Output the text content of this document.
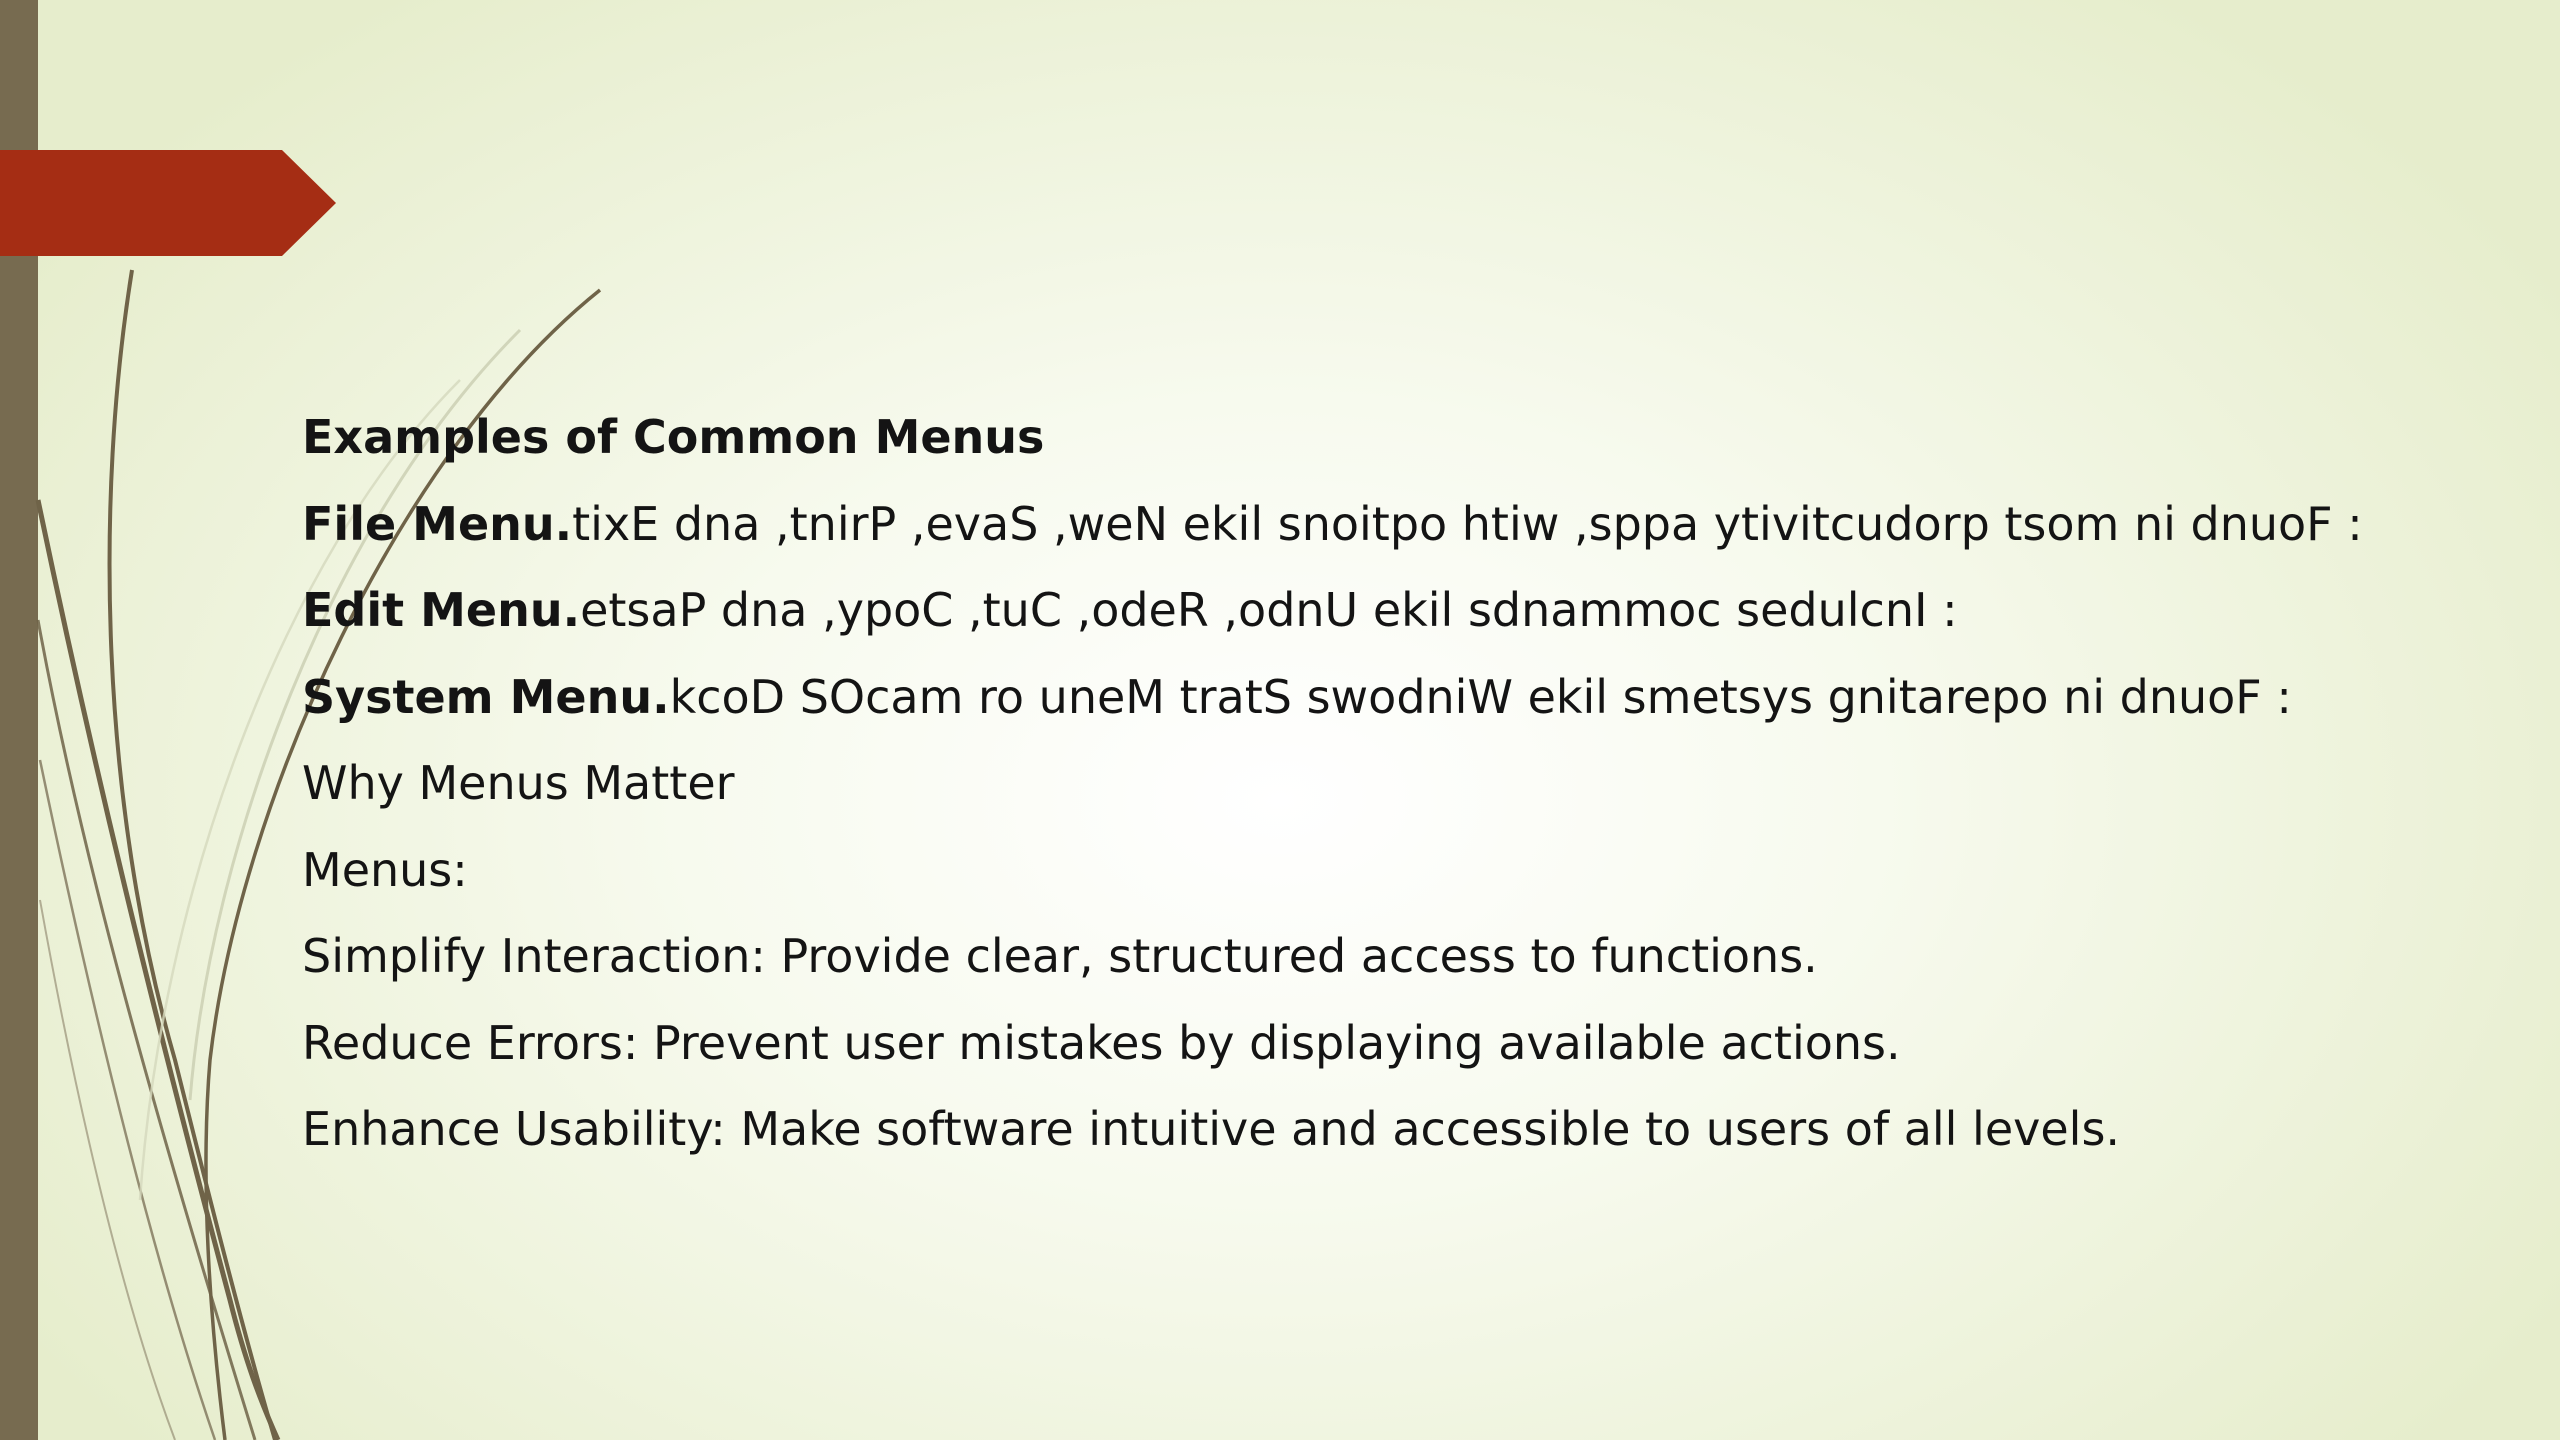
Examples of Common Menus
File Menu.tixE dna ,tnirP ,evaS ,weN ekil snoitpo htiw ,sppa ytivitcudorp tsom ni dnuoF :
Edit Menu.etsaP dna ,ypoC ,tuC ,odeR ,odnU ekil sdnammoc sedulcnI :
System Menu.kcoD SOcam ro uneM tratS swodniW ekil smetsys gnitarepo ni dnuoF :
Why Menus Matter
Menus:
Simplify Interaction: Provide clear, structured access to functions.
Reduce Errors: Prevent user mistakes by displaying available actions.
Enhance Usability: Make software intuitive and accessible to users of all levels.
